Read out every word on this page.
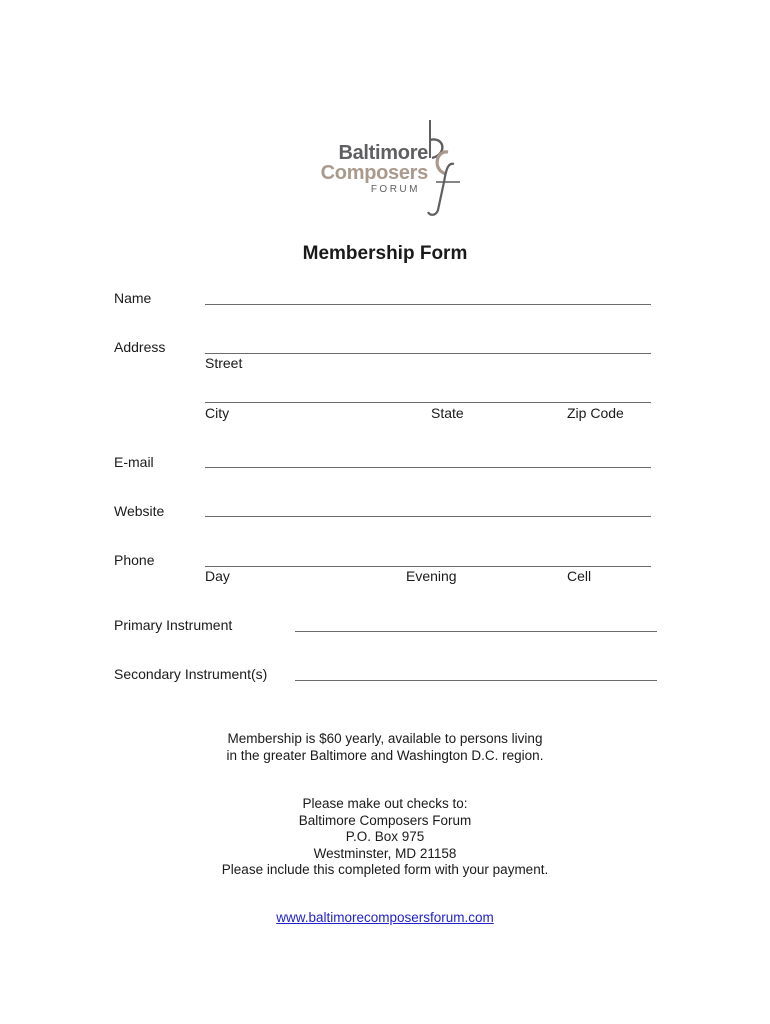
Baltimore
Composers
FORUM
Membership Form
Name
Address
Street
City	State	Zip Code
E-mail
Website
Phone
Day	Evening	Cell
Primary Instrument
Secondary Instrument(s)
Membership is $60 yearly, available to persons living
in the greater Baltimore and Washington D.C. region.
Please make out checks to:
Baltimore Composers Forum
P.O. Box 975
Westminster, MD 21158
Please include this completed form with your payment.
www.baltimorecomposersforum.com
